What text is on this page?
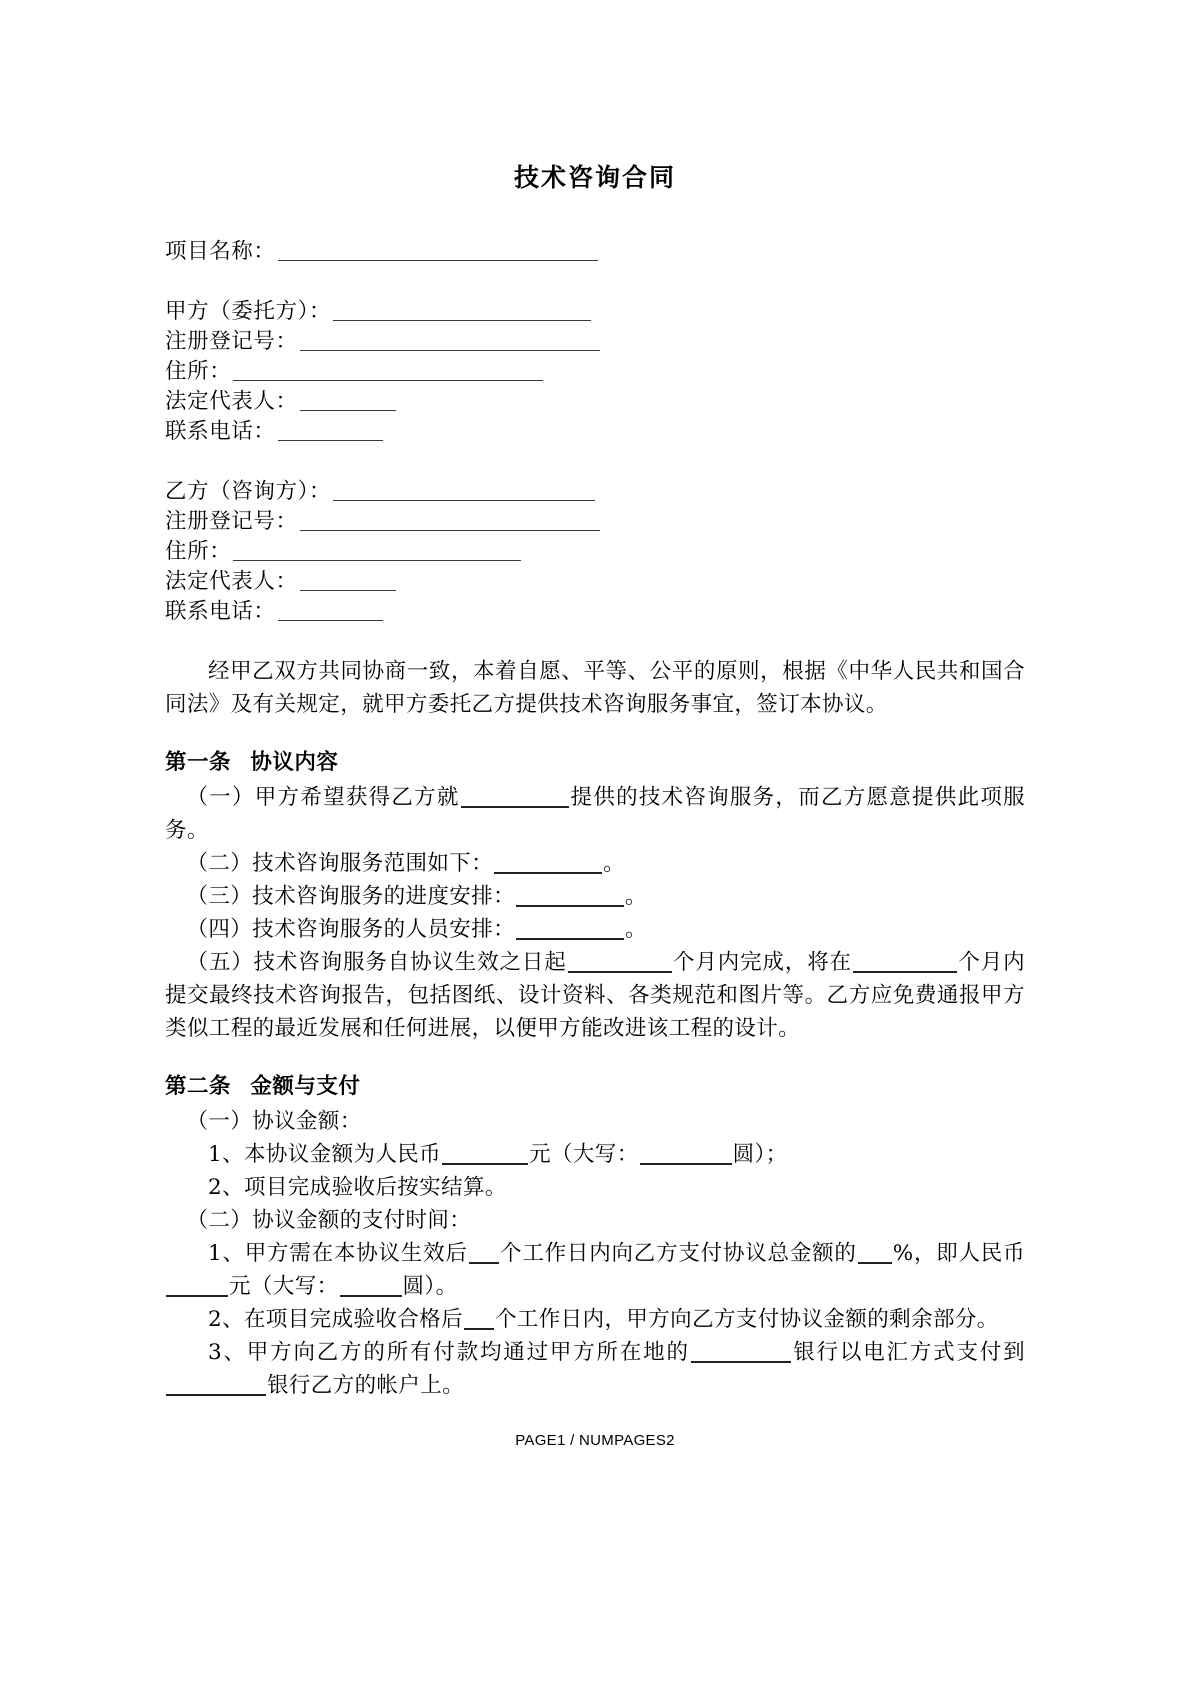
技术咨询合同
项目名称：
甲方（委托方）：
注册登记号：
住所：
法定代表人：
联系电话：
乙方（咨询方）：
注册登记号：
住所：
法定代表人：
联系电话：

经甲乙双方共同协商一致，本着自愿、平等、公平的原则，根据《中华人民共和国合同法》及有关规定，就甲方委托乙方提供技术咨询服务事宜，签订本协议。

第一条 协议内容

（一）甲方希望获得乙方就	提供的技术咨询服务，而乙方愿意提供此项服务。

（二）技术咨询服务范围如下：	。

（三）技术咨询服务的进度安排：	。

（四）技术咨询服务的人员安排：	。

（五）技术咨询服务自协议生效之日起	个月内完成，将在	个月内提交最终技术咨询报告，包括图纸、设计资料、各类规范和图片等。乙方应免费通报甲方类似工程的最近发展和任何进展，以便甲方能改进该工程的设计。

第二条 金额与支付

（一）协议金额：

1、本协议金额为人民币	元（大写：	圆）；

2、项目完成验收后按实结算。

（二）协议金额的支付时间：

1、甲方需在本协议生效后 个工作日内向乙方支付协议总金额的 %，即人民币元（大写：	圆）。

2、在项目完成验收合格后 个工作日内，甲方向乙方支付协议金额的剩余部分。

3、甲方向乙方的所有付款均通过甲方所在地的	银行以电汇方式支付到银行乙方的帐户上。

PAGE1 / NUMPAGES2
